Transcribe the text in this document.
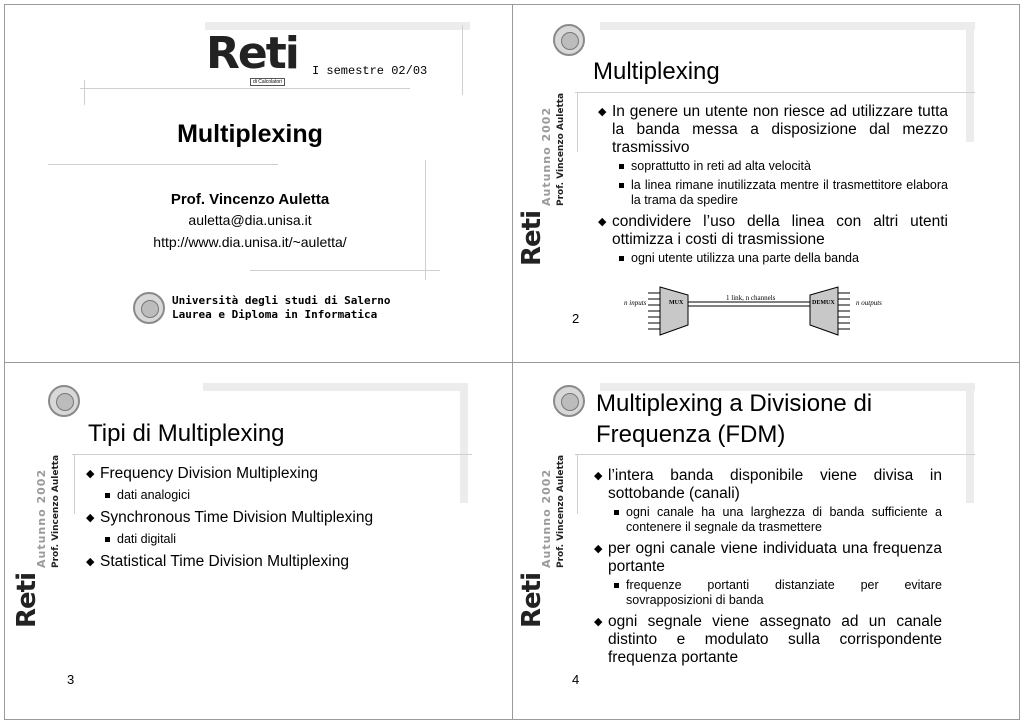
Reti
di Calcolatori
I semestre 02/03
Multiplexing
Prof. Vincenzo Auletta
auletta@dia.unisa.it
http://www.dia.unisa.it/~auletta/
Università degli studi di Salerno
Laurea e Diploma in Informatica
Multiplexing
Autunno 2002 Prof. Vincenzo Auletta
Reti
◆ In genere un utente non riesce ad utilizzare tutta la banda messa a disposizione dal mezzo trasmissivo
soprattutto in reti ad alta velocità
la linea rimane inutilizzata mentre il trasmettitore elabora la trama da spedire
◆ condividere l’uso della linea con altri utenti ottimizza i costi di trasmissione
ogni utente utilizza una parte della banda
n inputs	MUX
1 link, n channels
DEMUX	n outputs
2
Tipi di Multiplexing
Autunno 2002 Prof. Vincenzo Auletta
Reti
◆ Frequency Division Multiplexing
dati analogici
◆ Synchronous Time Division Multiplexing
dati digitali
◆ Statistical Time Division Multiplexing
3
Multiplexing a Divisione di
Frequenza (FDM)
Autunno 2002 Prof. Vincenzo Auletta
Reti
◆ l’intera banda disponibile viene divisa in sottobande (canali)
ogni canale ha una larghezza di banda sufficiente a contenere il segnale da trasmettere
◆ per ogni canale viene individuata una frequenza portante
frequenze portanti distanziate per evitare sovrapposizioni di banda
◆ ogni segnale viene assegnato ad un canale distinto e modulato sulla corrispondente frequenza portante
4
